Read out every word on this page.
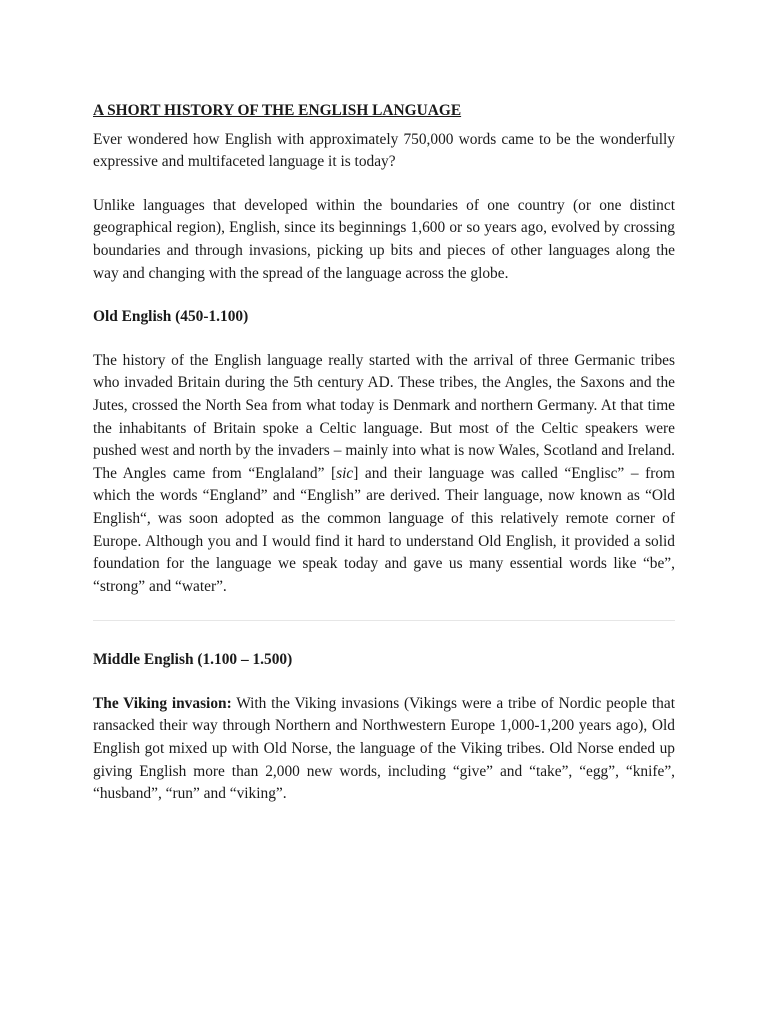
A SHORT HISTORY OF THE ENGLISH LANGUAGE

Ever wondered how English with approximately 750,000 words came to be the wonderfully expressive and multifaceted language it is today?

Unlike languages that developed within the boundaries of one country (or one distinct geographical region), English, since its beginnings 1,600 or so years ago, evolved by crossing boundaries and through invasions, picking up bits and pieces of other languages along the way and changing with the spread of the language across the globe.

Old English (450-1.100)

The history of the English language really started with the arrival of three Germanic tribes who invaded Britain during the 5th century AD. These tribes, the Angles, the Saxons and the Jutes, crossed the North Sea from what today is Denmark and northern Germany. At that time the inhabitants of Britain spoke a Celtic language. But most of the Celtic speakers were pushed west and north by the invaders – mainly into what is now Wales, Scotland and Ireland. The Angles came from “Englaland” [sic] and their language was called “Englisc” – from which the words “England” and “English” are derived. Their language, now known as “Old English“, was soon adopted as the common language of this relatively remote corner of Europe. Although you and I would find it hard to understand Old English, it provided a solid foundation for the language we speak today and gave us many essential words like “be”, “strong” and “water”.

Middle English (1.100 – 1.500)

The Viking invasion: With the Viking invasions (Vikings were a tribe of Nordic people that ransacked their way through Northern and Northwestern Europe 1,000-1,200 years ago), Old English got mixed up with Old Norse, the language of the Viking tribes. Old Norse ended up giving English more than 2,000 new words, including “give” and “take”, “egg”, “knife”, “husband”, “run” and “viking”.
